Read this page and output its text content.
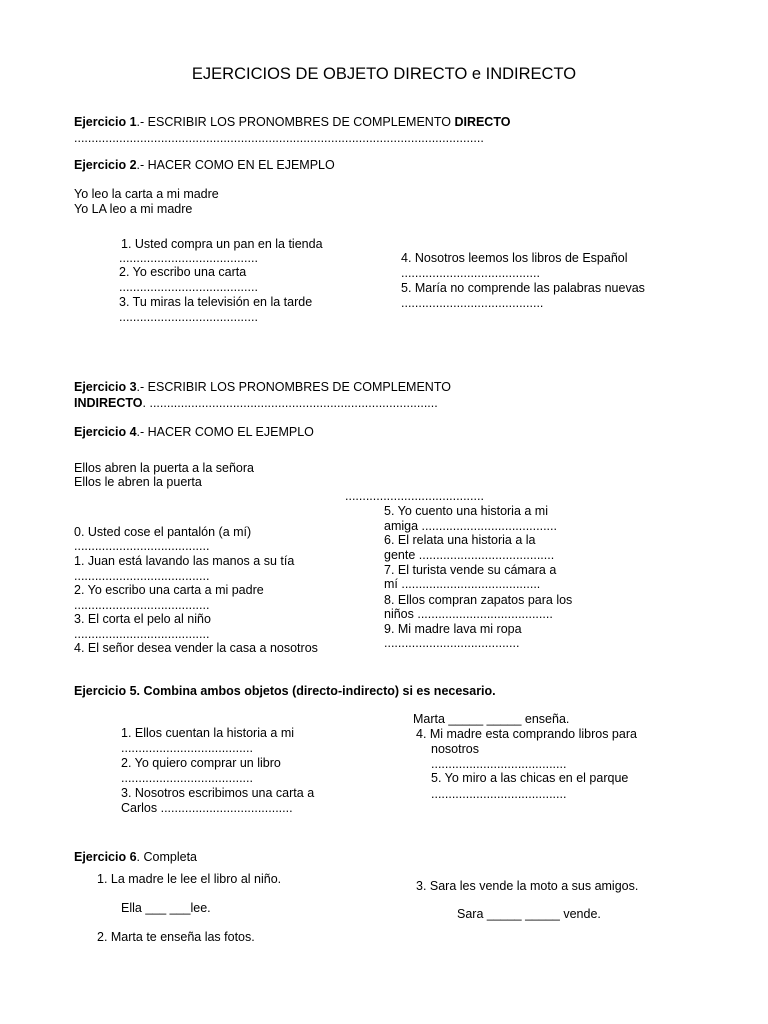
EJERCICIOS DE OBJETO DIRECTO e INDIRECTO
Ejercicio 1.- ESCRIBIR LOS PRONOMBRES DE COMPLEMENTO DIRECTO
......................................................................................................................
Ejercicio 2.- HACER COMO EN EL EJEMPLO
Yo leo la carta a mi madre
Yo LA leo a mi madre
1. Usted compra un pan en la tienda
........................................
2. Yo escribo una carta
........................................
3. Tu miras la televisión en la tarde
........................................
4. Nosotros leemos los libros de Español
........................................
5. María no comprende las palabras nuevas
.........................................
Ejercicio 3.- ESCRIBIR LOS PRONOMBRES DE COMPLEMENTO
INDIRECTO. ...................................................................................
Ejercicio 4.- HACER COMO EL EJEMPLO
Ellos abren la puerta a la señora
Ellos le abren la puerta
........................................
0. Usted cose el pantalón (a mí)
.......................................
1. Juan está lavando las manos a su tía
.......................................
2. Yo escribo una carta a mi padre
.......................................
3. El corta el pelo al niño
.......................................
4. El señor desea vender la casa a nosotros
5. Yo cuento una historia a mi
amiga .......................................
6. El relata una historia a la
gente .......................................
7. El turista vende su cámara a
mí ........................................
8. Ellos compran zapatos para los
niños .......................................
9. Mi madre lava mi ropa
.......................................
Ejercicio 5. Combina ambos objetos (directo-indirecto) si es necesario.
Marta _____ _____ enseña.
1. Ellos cuentan la historia a mi
......................................
2. Yo quiero comprar un libro
......................................
3. Nosotros escribimos una carta a
Carlos ......................................
4. Mi madre esta comprando libros para
nosotros
.......................................
5. Yo miro a las chicas en el parque
.......................................
Ejercicio 6. Completa
1. La madre le lee el libro al niño.
Ella ___ ___lee.
2. Marta te enseña las fotos.
3. Sara les vende la moto a sus amigos.
Sara _____ _____ vende.
